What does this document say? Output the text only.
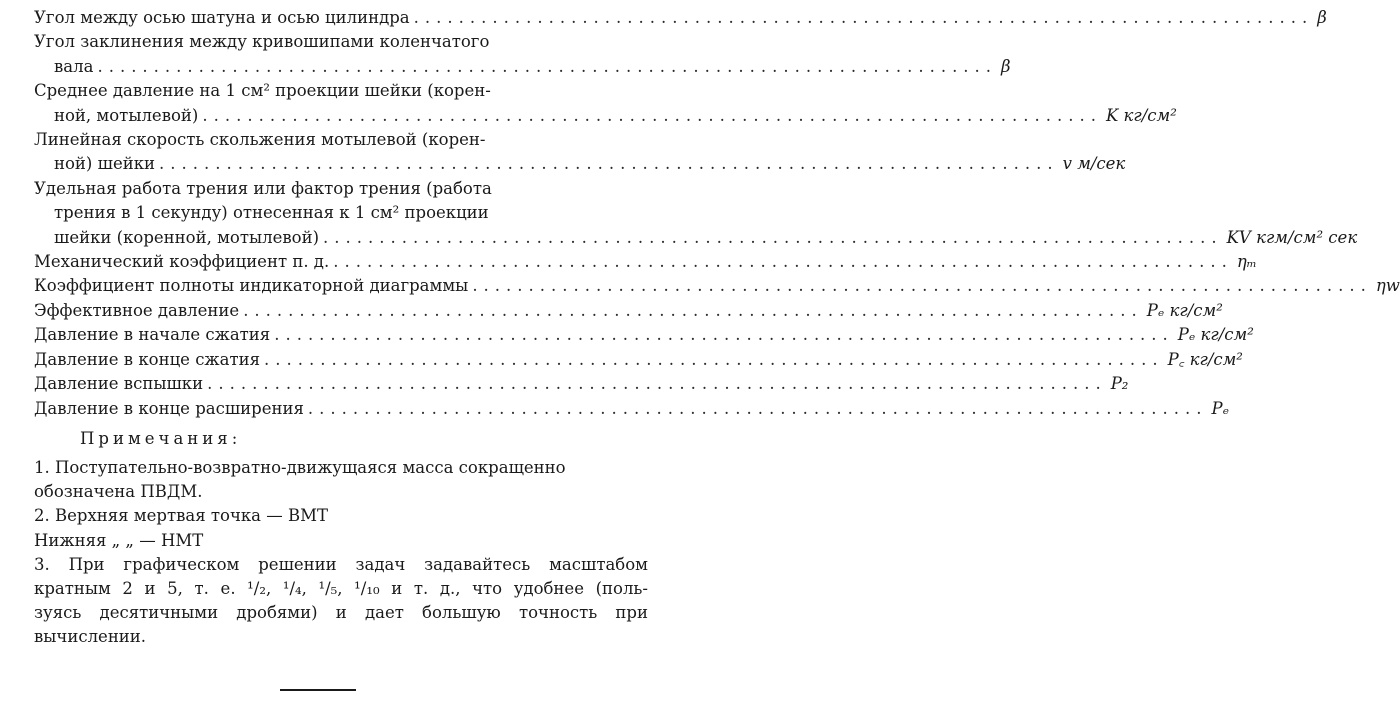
Угол между осью шатуна и осью цилиндра ................................................................................ β
Угол заклинения между кривошипами коленчатого
вала ................................................................................ β
Среднее давление на 1 см² проекции шейки (корен-
ной, мотылевой) ................................................................................ K кг/см²
Линейная скорость скольжения мотылевой (корен-
ной) шейки ................................................................................ v м/сек
Удельная работа трения или фактор трения (работа
трения в 1 секунду) отнесенная к 1 см² проекции
шейки (коренной, мотылевой) ................................................................................ KV кгм/см² сек
Механический коэффициент п. д. ................................................................................ ηₘ
Коэффициент полноты индикаторной диаграммы ................................................................................ ηw
Эффективное давление ................................................................................ Pₑ кг/см²
Давление в начале сжатия ................................................................................ Pₑ кг/см²
Давление в конце сжатия ................................................................................ P꜀ кг/см²
Давление вспышки ................................................................................ P₂
Давление в конце расширения ................................................................................ Pₑ
Примечания:
1. Поступательно-возвратно-движущаяся масса сокращенно
обозначена ПВДМ.
2. Верхняя мертвая точка — ВМТ
Нижняя „ „ — НМТ
3. При графическом решении задач задавайтесь масштабом
кратным 2 и 5, т. е. ¹/₂, ¹/₄, ¹/₅, ¹/₁₀ и т. д., что удобнее (поль-
зуясь десятичными дробями) и дает большую точность при
вычислении.
